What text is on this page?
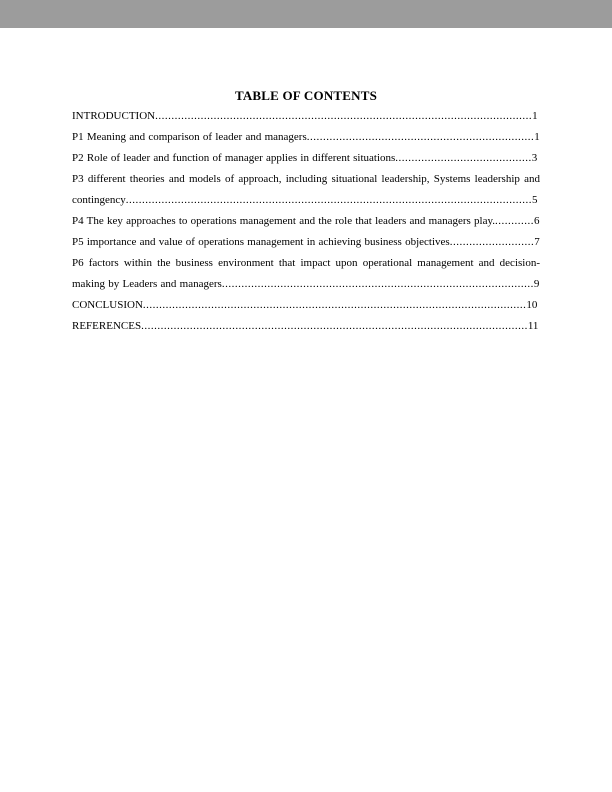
TABLE OF CONTENTS

INTRODUCTION....................................................................................................................1

P1 Meaning and comparison of leader and managers......................................................................1

P2 Role of leader and function of manager applies in different situations..........................................3

P3 different theories and models of approach, including situational leadership, Systems leadership and contingency.............................................................................................................................5

P4 The key approaches to operations management and the role that leaders and managers play.............6

P5 importance and value of operations management in achieving business objectives..........................7

P6 factors within the business environment that impact upon operational management and decision-making by Leaders and managers................................................................................................9

CONCLUSION......................................................................................................................10

REFERENCES.......................................................................................................................11
